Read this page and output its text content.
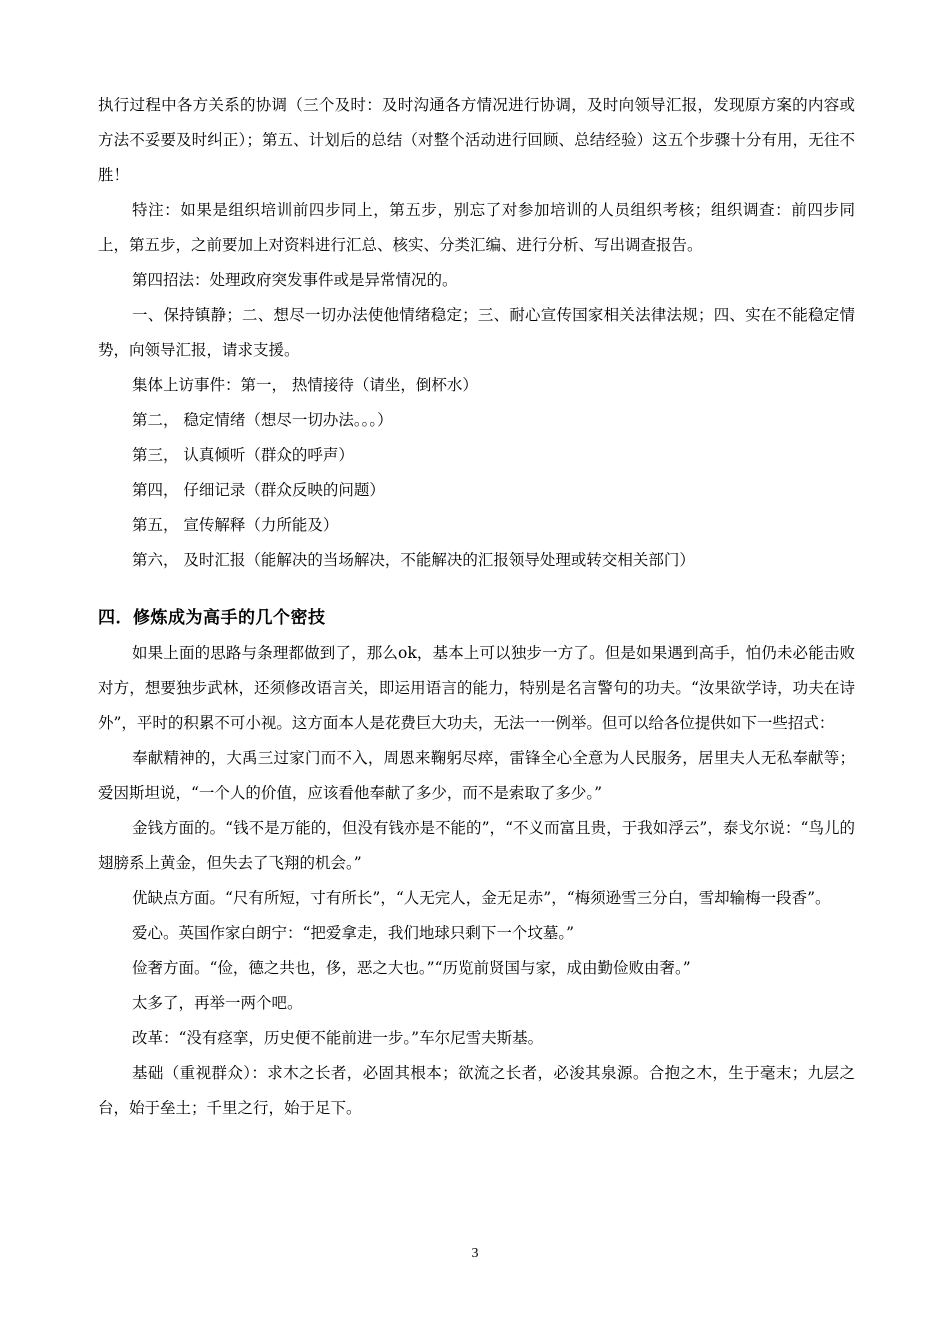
执行过程中各方关系的协调（三个及时：及时沟通各方情况进行协调，及时向领导汇报，发现原方案的内容或方法不妥要及时纠正）；第五、计划后的总结（对整个活动进行回顾、总结经验）这五个步骤十分有用，无往不胜！

特注：如果是组织培训前四步同上，第五步，别忘了对参加培训的人员组织考核；组织调查：前四步同上，第五步，之前要加上对资料进行汇总、核实、分类汇编、进行分析、写出调查报告。

第四招法：处理政府突发事件或是异常情况的。

一、保持镇静；二、想尽一切办法使他情绪稳定；三、耐心宣传国家相关法律法规；四、实在不能稳定情势，向领导汇报，请求支援。

集体上访事件：第一， 热情接待（请坐，倒杯水）

第二， 稳定情绪（想尽一切办法。。。）

第三， 认真倾听（群众的呼声）

第四， 仔细记录（群众反映的问题）

第五， 宣传解释（力所能及）

第六， 及时汇报（能解决的当场解决，不能解决的汇报领导处理或转交相关部门）

四．修炼成为高手的几个密技

如果上面的思路与条理都做到了，那么ok，基本上可以独步一方了。但是如果遇到高手，怕仍未必能击败对方，想要独步武林，还须修改语言关，即运用语言的能力，特别是名言警句的功夫。“汝果欲学诗，功夫在诗外”，平时的积累不可小视。这方面本人是花费巨大功夫，无法一一例举。但可以给各位提供如下一些招式：

奉献精神的，大禹三过家门而不入，周恩来鞠躬尽瘁，雷锋全心全意为人民服务，居里夫人无私奉献等；爱因斯坦说，“一个人的价值，应该看他奉献了多少，而不是索取了多少。”

金钱方面的。“钱不是万能的，但没有钱亦是不能的”，“不义而富且贵，于我如浮云”，泰戈尔说：“鸟儿的翅膀系上黄金，但失去了飞翔的机会。”

优缺点方面。“尺有所短，寸有所长”，“人无完人，金无足赤”，“梅须逊雪三分白，雪却输梅一段香”。

爱心。英国作家白朗宁：“把爱拿走，我们地球只剩下一个坟墓。”

俭奢方面。“俭，德之共也，侈，恶之大也。”“历览前贤国与家，成由勤俭败由奢。”

太多了，再举一两个吧。

改革：“没有痉挛，历史便不能前进一步。”车尔尼雪夫斯基。

基础（重视群众）：求木之长者，必固其根本；欲流之长者，必浚其泉源。合抱之木，生于毫末；九层之台，始于垒土；千里之行，始于足下。

3
